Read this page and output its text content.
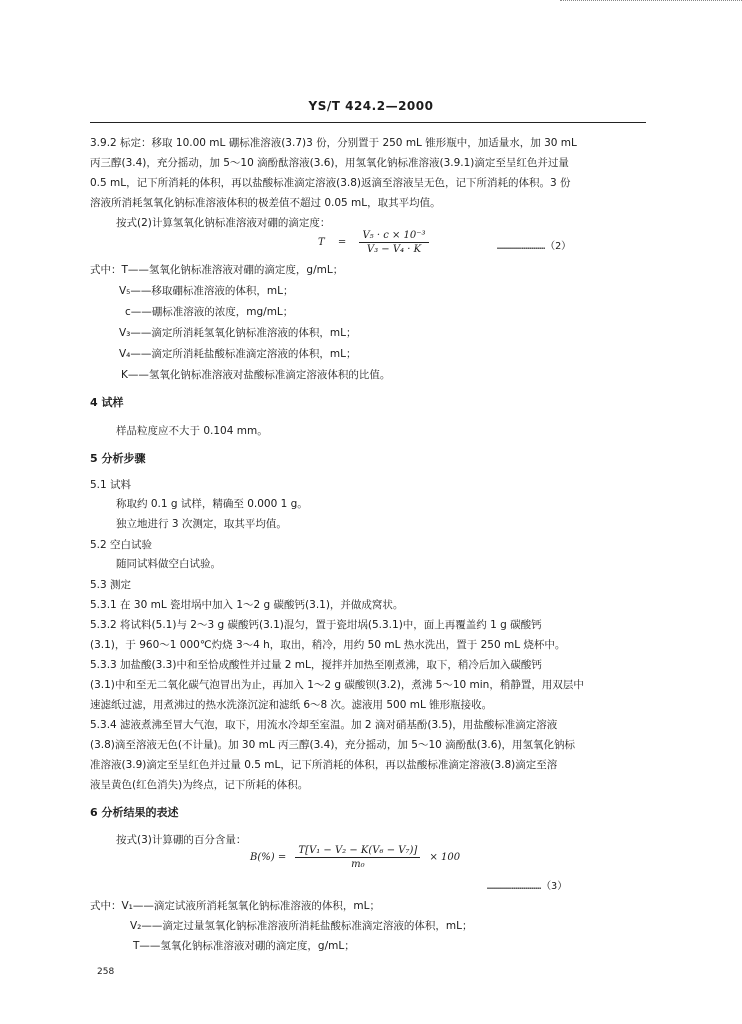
YS/T 424.2—2000
3.9.2 标定：移取 10.00 mL 硼标准溶液(3.7)3 份，分别置于 250 mL 锥形瓶中，加适量水，加 30 mL
丙三醇(3.4)，充分摇动，加 5～10 滴酚酞溶液(3.6)，用氢氧化钠标准溶液(3.9.1)滴定至呈红色并过量
0.5 mL，记下所消耗的体积，再以盐酸标准滴定溶液(3.8)返滴至溶液呈无色，记下所消耗的体积。3 份
溶液所消耗氢氧化钠标准溶液体积的极差值不超过 0.05 mL，取其平均值。
按式(2)计算氢氧化钠标准溶液对硼的滴定度：
$T = \frac{\text{V₅ · c × 10⁻³}}{\text{V₃ − V₄ · K}}$	……………………（2）
式中：T——氢氧化钠标准溶液对硼的滴定度，g/mL；
V₅——移取硼标准溶液的体积，mL；
c——硼标准溶液的浓度，mg/mL；
V₃——滴定所消耗氢氧化钠标准溶液的体积，mL；
V₄——滴定所消耗盐酸标准滴定溶液的体积，mL；
K——氢氧化钠标准溶液对盐酸标准滴定溶液体积的比值。
4 试样
样品粒度应不大于 0.104 mm。
5 分析步骤
5.1 试料
称取约 0.1 g 试样，精确至 0.000 1 g。
独立地进行 3 次测定，取其平均值。
5.2 空白试验
随同试料做空白试验。
5.3 测定
5.3.1 在 30 mL 瓷坩埚中加入 1～2 g 碳酸钙(3.1)，并做成窝状。
5.3.2 将试料(5.1)与 2～3 g 碳酸钙(3.1)混匀，置于瓷坩埚(5.3.1)中，面上再覆盖约 1 g 碳酸钙
(3.1)，于 960～1 000℃灼烧 3～4 h，取出，稍冷，用约 50 mL 热水洗出，置于 250 mL 烧杯中。
5.3.3 加盐酸(3.3)中和至恰成酸性并过量 2 mL，搅拌并加热至刚煮沸，取下，稍冷后加入碳酸钙
(3.1)中和至无二氧化碳气泡冒出为止，再加入 1～2 g 碳酸钡(3.2)，煮沸 5～10 min，稍静置，用双层中
速滤纸过滤，用煮沸过的热水洗涤沉淀和滤纸 6～8 次。滤液用 500 mL 锥形瓶接收。
5.3.4 滤液煮沸至冒大气泡，取下，用流水冷却至室温。加 2 滴对硝基酚(3.5)，用盐酸标准滴定溶液
(3.8)滴至溶液无色(不计量)。加 30 mL 丙三醇(3.4)，充分摇动，加 5～10 滴酚酞(3.6)，用氢氧化钠标
准溶液(3.9)滴定至呈红色并过量 0.5 mL，记下所消耗的体积，再以盐酸标准滴定溶液(3.8)滴定至溶
液呈黄色(红色消失)为终点，记下所耗的体积。
6 分析结果的表述
按式(3)计算硼的百分含量：
$B(\%) = \frac{\text{T[V₁ − V₂ − K(V₆ − V₇)]}}{\text{m₀}} \times 100$
………………………（3）
式中：V₁——滴定试液所消耗氢氧化钠标准溶液的体积，mL；
V₂——滴定过量氢氧化钠标准溶液所消耗盐酸标准滴定溶液的体积，mL；
T——氢氧化钠标准溶液对硼的滴定度，g/mL；
258
